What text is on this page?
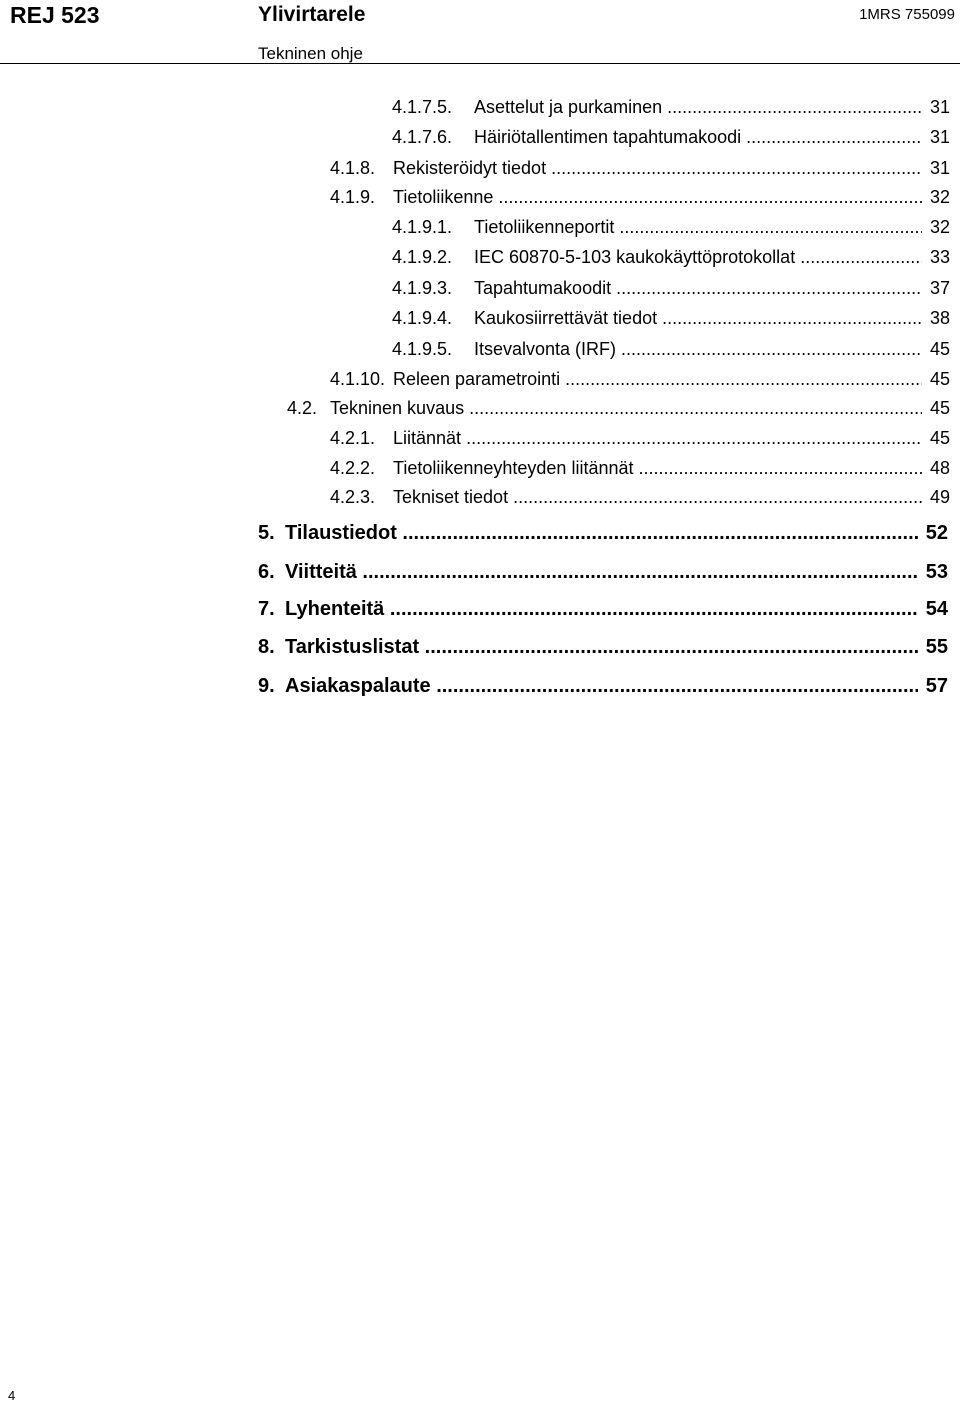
REJ 523	Ylivirtarele	1MRS 755099
Tekninen ohje
4.1.7.5.	Asettelut ja purkaminen .....	31
4.1.7.6.	Häiriötallentimen tapahtumakoodi .....	31
4.1.8. Rekisteröidyt tiedot .....	31
4.1.9. Tietoliikenne .....	32
4.1.9.1.	Tietoliikenneportit .....	32
4.1.9.2.	IEC 60870-5-103 kaukokäyttöprotokollat .....	33
4.1.9.3.	Tapahtumakoodit .....	37
4.1.9.4.	Kaukosiirrettävät tiedot .....	38
4.1.9.5.	Itsevalvonta (IRF) .....	45
4.1.10. Releen parametrointi .....	45
4.2. Tekninen kuvaus .....	45
4.2.1. Liitännät .....	45
4.2.2. Tietoliikenneyhteyden liitännät .....	48
4.2.3. Tekniset tiedot .....	49
5. Tilaustiedot .....	52
6. Viitteitä .....	53
7. Lyhenteitä .....	54
8. Tarkistuslistat .....	55
9. Asiakaspalaute .....	57
4
